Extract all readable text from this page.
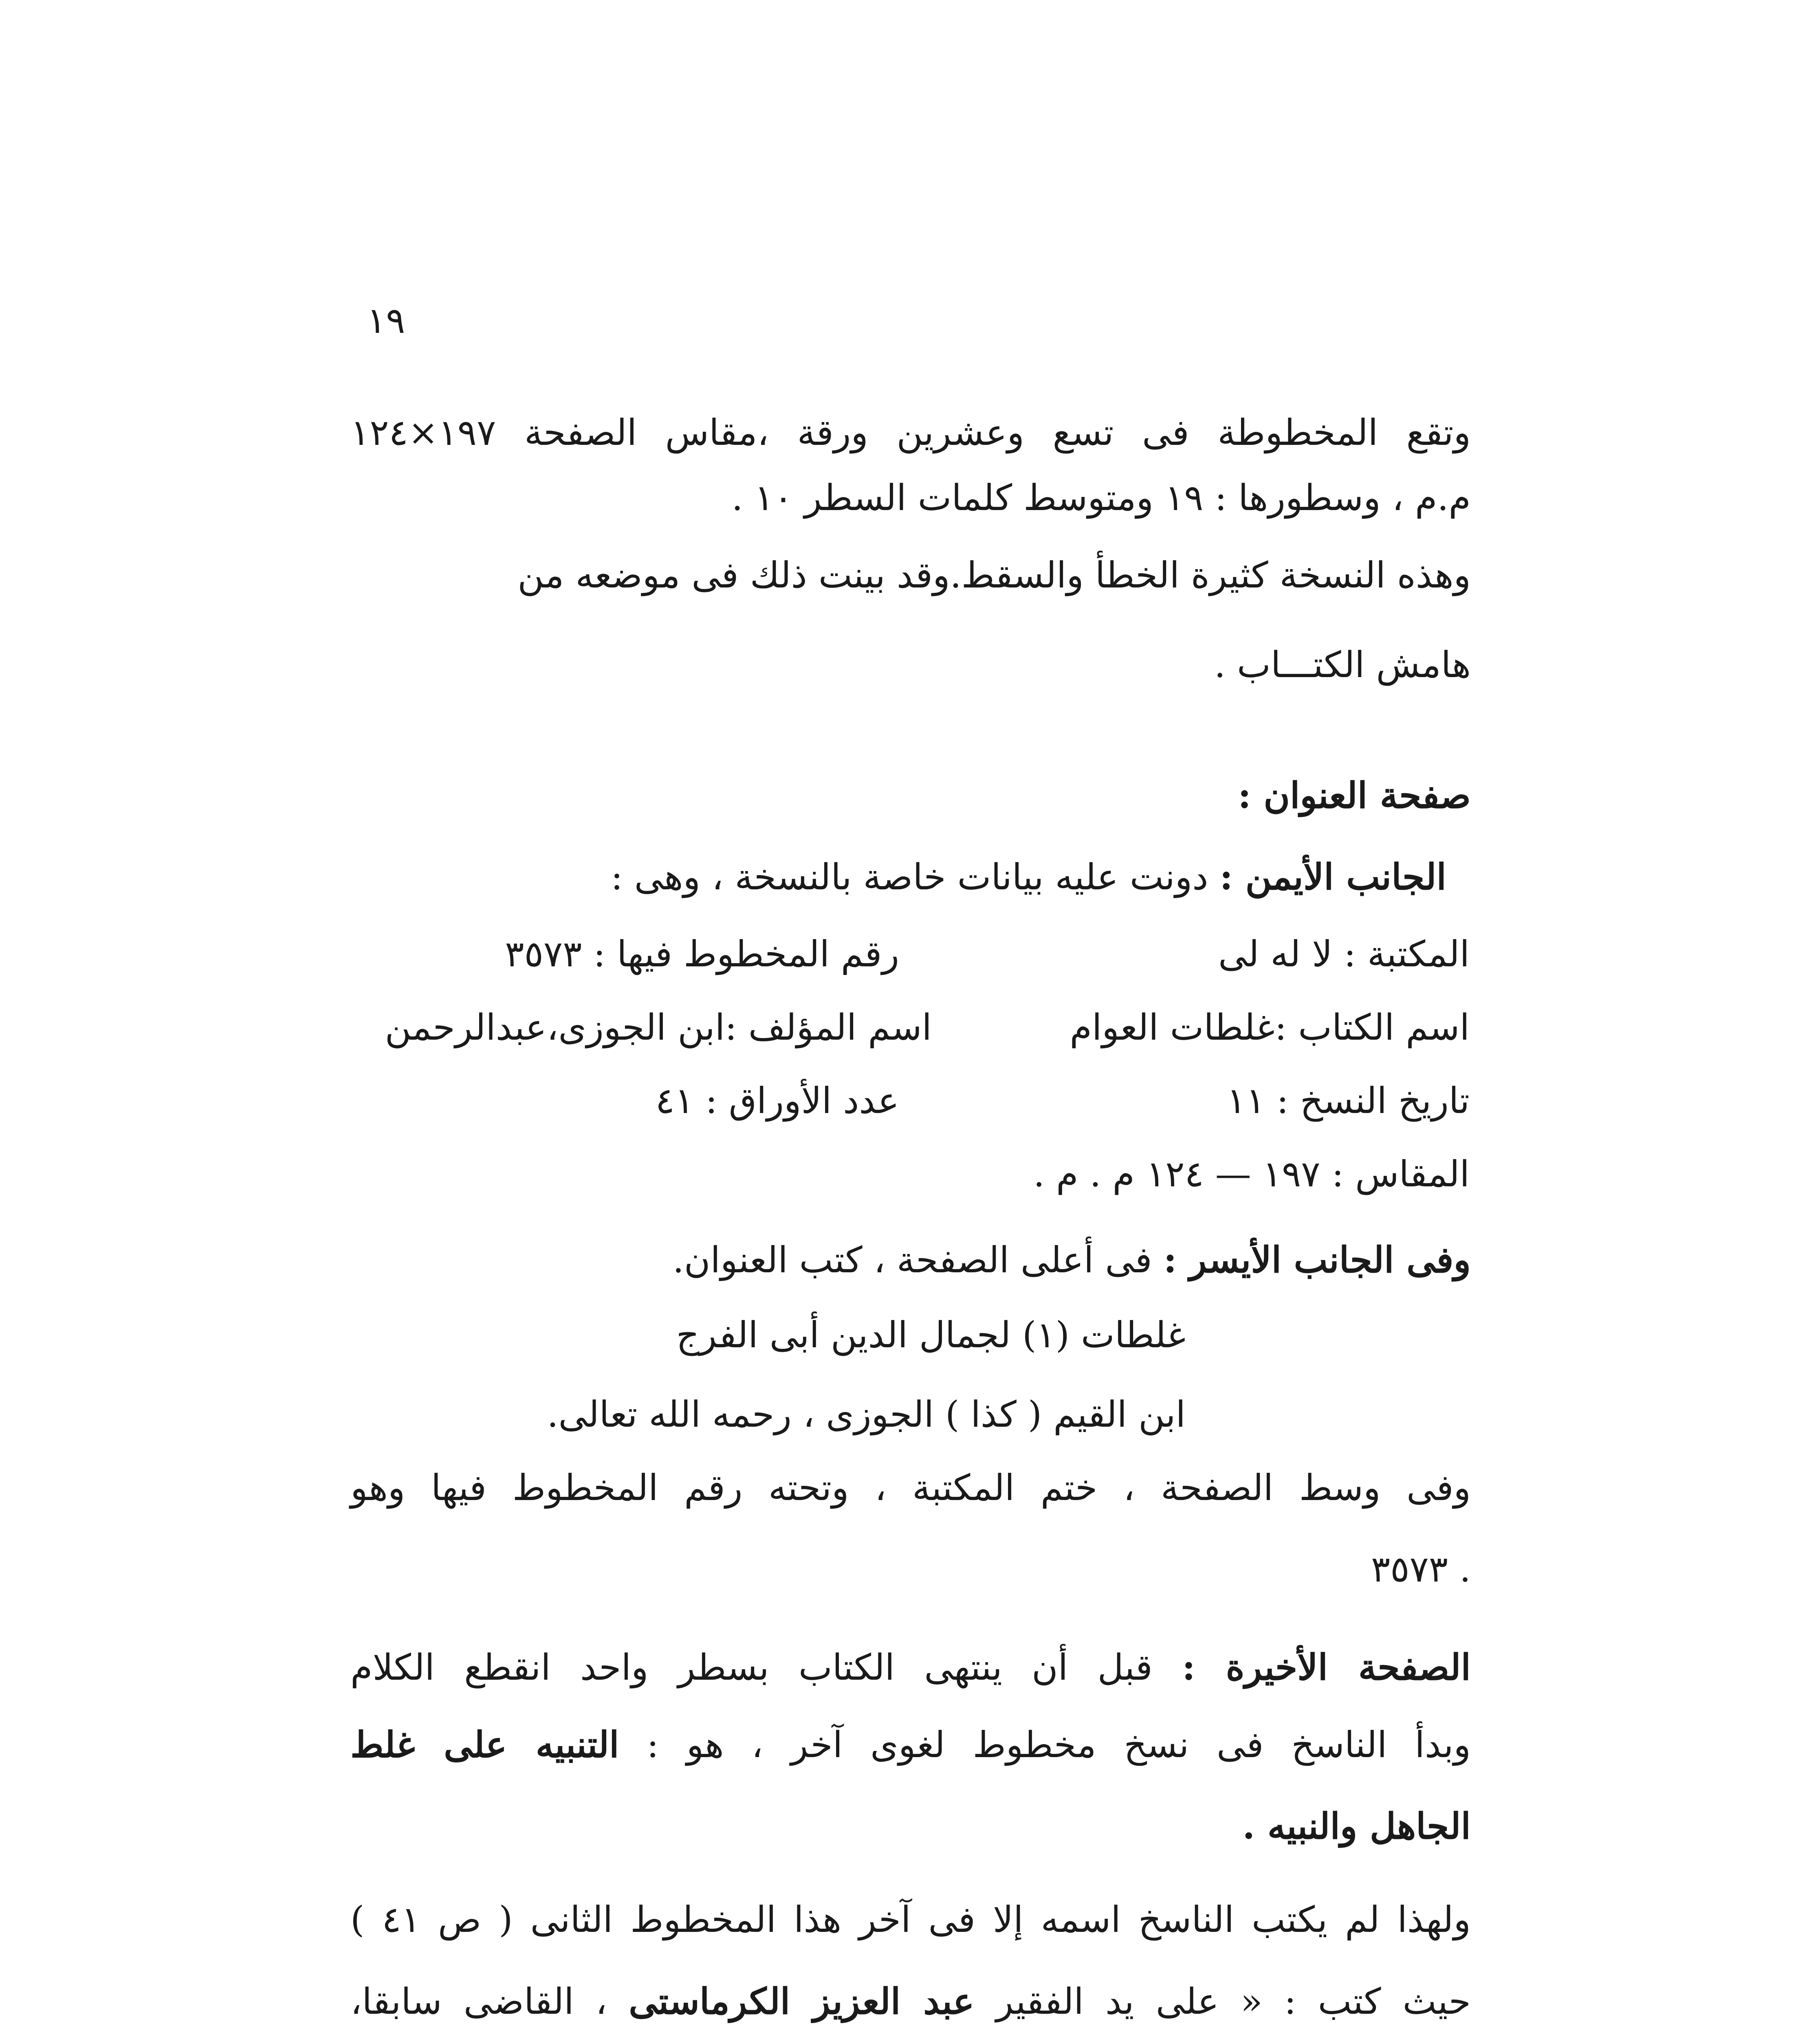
١٩
وتقع المخطوطة فى تسع وعشرين ورقة ،مقاس الصفحة ١٩٧×١٢٤
م.م ، وسطورها : ١٩ ومتوسط كلمات السطر ١٠ .
وهذه النسخة كثيرة الخطأ والسقط.وقد بينت ذلك فى موضعه من
هامش الكتـــاب .
صفحة العنوان :
الجانب الأيمن : دونت عليه بيانات خاصة بالنسخة ، وهى :
المكتبة : لا له لى
رقم المخطوط فيها : ٣٥٧٣
اسم الكتاب :غلطات العوام
اسم المؤلف :ابن الجوزى،عبدالرحمن
تاريخ النسخ : ١١
عدد الأوراق : ٤١
المقاس : ١٩٧ — ١٢٤ م . م .
وفى الجانب الأيسر : فى أعلى الصفحة ، كتب العنوان.
غلطات (١) لجمال الدين أبى الفرج
ابن القيم ( كذا ) الجوزى ، رحمه الله تعالى.
وفى وسط الصفحة ، ختم المكتبة ، وتحته رقم المخطوط فيها وهو
. ٣٥٧٣
الصفحة الأخيرة : قبل أن ينتهى الكتاب بسطر واحد انقطع الكلام
وبدأ الناسخ فى نسخ مخطوط لغوى آخر ، هو : التنبيه على غلط
الجاهل والنبيه .
ولهذا لم يكتب الناسخ اسمه إلا فى آخر هذا المخطوط الثانى ( ص ٤١ )
حيث كتب : « على يد الفقير عبد العزيز الكرماستى ، القاضى سابقا،
